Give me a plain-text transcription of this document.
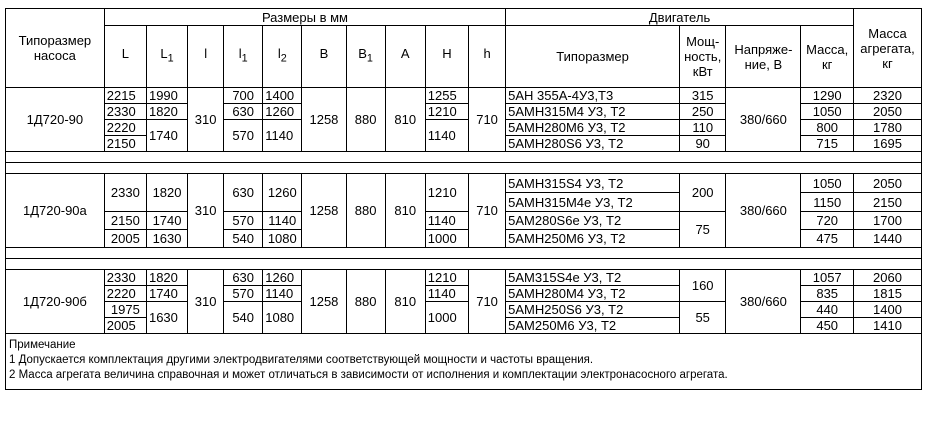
Типоразмер насоса	Размеры в мм										Двигатель				Масса агрегата, кг
	L	$L_1$	l	$l_1$	$l_2$	B	$B_1$	A	H	h	Типоразмер	Мощ-ность, кВт	Напряже-ние, В	Масса, кг	
1Д720-90	2215	1990	310	700	1400	1258	880	810	1255	710	5АН 355А-4У3,Т3	315	380/660	1290	2320
	2330	1820		630	1260				1210		5АМН315М4 У3, Т2	250		1050	2050
	2220	1740		570	1140				1140		5АМН280М6 У3, Т2	110		800	1780
	2150										5АМН280S6 У3, Т2	90		715	1695

1Д720-90а	2330	1820	310	630	1260	1258	880	810	1210	710	5АМН315S4 У3, Т2	200	380/660	1050	2050
											5АМН315М4е У3, Т2			1150	2150
	2150	1740		570	1140				1140		5АМ280S6е У3, Т2	75		720	1700
	2005	1630		540	1080				1000		5АМН250М6 У3, Т2			475	1440

1Д720-90б	2330	1820	310	630	1260	1258	880	810	1210	710	5АМ315S4е У3, Т2	160	380/660	1057	2060
	2220	1740		570	1140				1140		5АМН280М4 У3, Т2			835	1815
	1975	1630		540	1080				1000		5АМН250S6 У3, Т2	55		440	1400
	2005										5АМ250М6 У3, Т2			450	1410

Примечание
1 Допускается комплектация другими электродвигателями соответствующей мощности и частоты вращения.
2 Масса агрегата величина справочная и может отличаться в зависимости от исполнения и комплектации электронасосного агрегата.															
